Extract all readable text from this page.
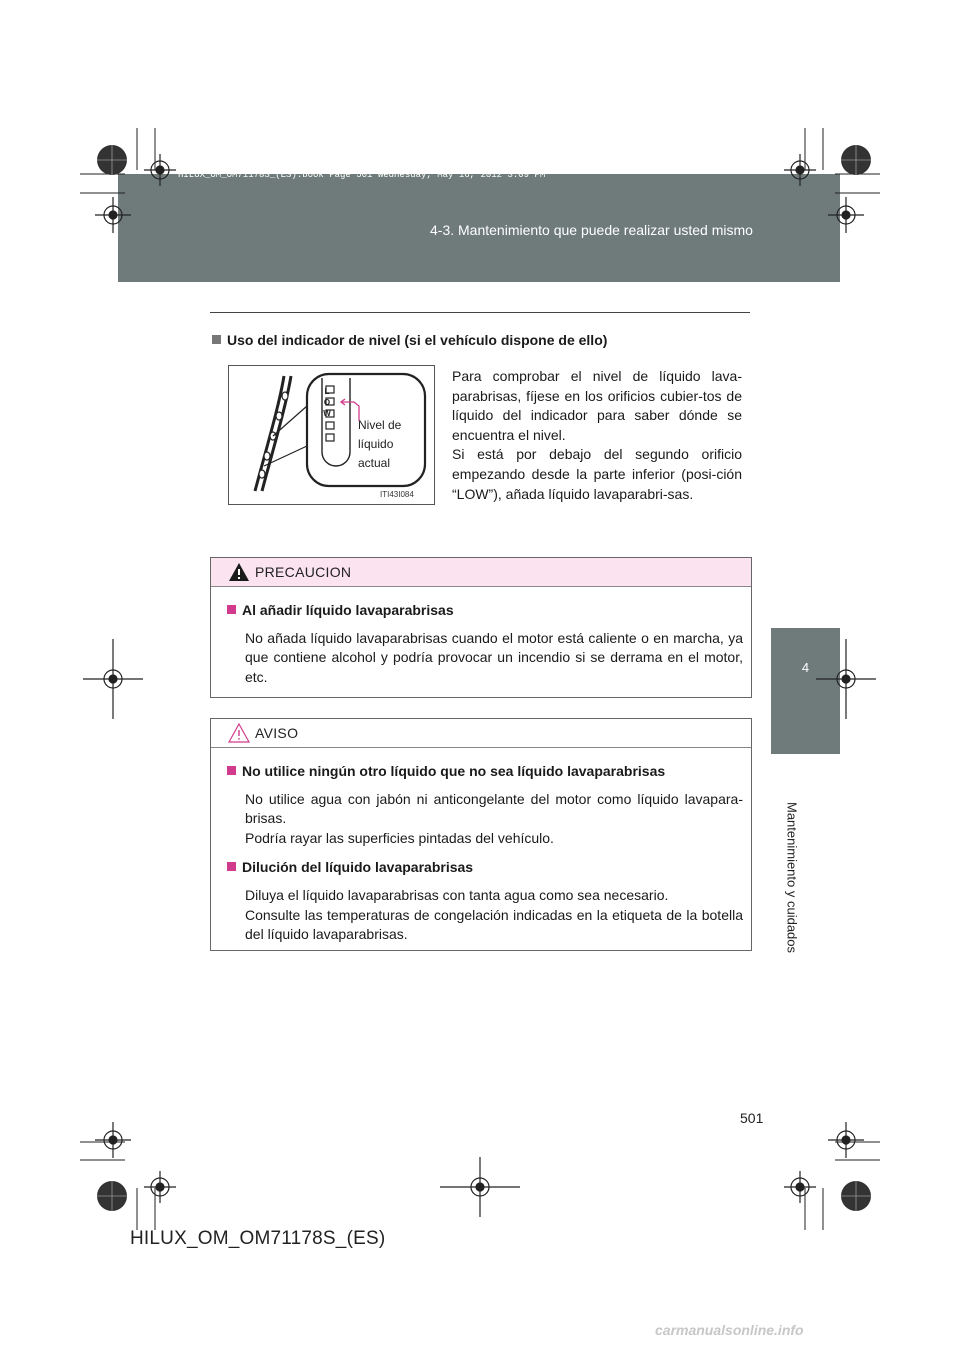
HILUX_OM_OM71178S_(ES).book Page 501 Wednesday, May 16, 2012 3:09 PM
4-3. Mantenimiento que puede realizar usted mismo
4
Mantenimiento y cuidados
Uso del indicador de nivel (si el vehículo dispone de ello)
Nivel de
líquido
actual
LOW
ITI43I084

Para comprobar el nivel de líquido lava-parabrisas, fíjese en los orificios cubier-tos de líquido del indicador para saber dónde se encuentra el nivel.

Si está por debajo del segundo orificio empezando desde la parte inferior (posi-ción “LOW”), añada líquido lavaparabri-sas.

PRECAUCION
Al añadir líquido lavaparabrisas

No añada líquido lavaparabrisas cuando el motor está caliente o en marcha, ya que contiene alcohol y podría provocar un incendio si se derrama en el motor, etc.

AVISO
No utilice ningún otro líquido que no sea líquido lavaparabrisas

No utilice agua con jabón ni anticongelante del motor como líquido lavapara-brisas.

Podría rayar las superficies pintadas del vehículo.

Dilución del líquido lavaparabrisas

Diluya el líquido lavaparabrisas con tanta agua como sea necesario.

Consulte las temperaturas de congelación indicadas en la etiqueta de la botella del líquido lavaparabrisas.

501
HILUX_OM_OM71178S_(ES)
carmanualsonline.info
